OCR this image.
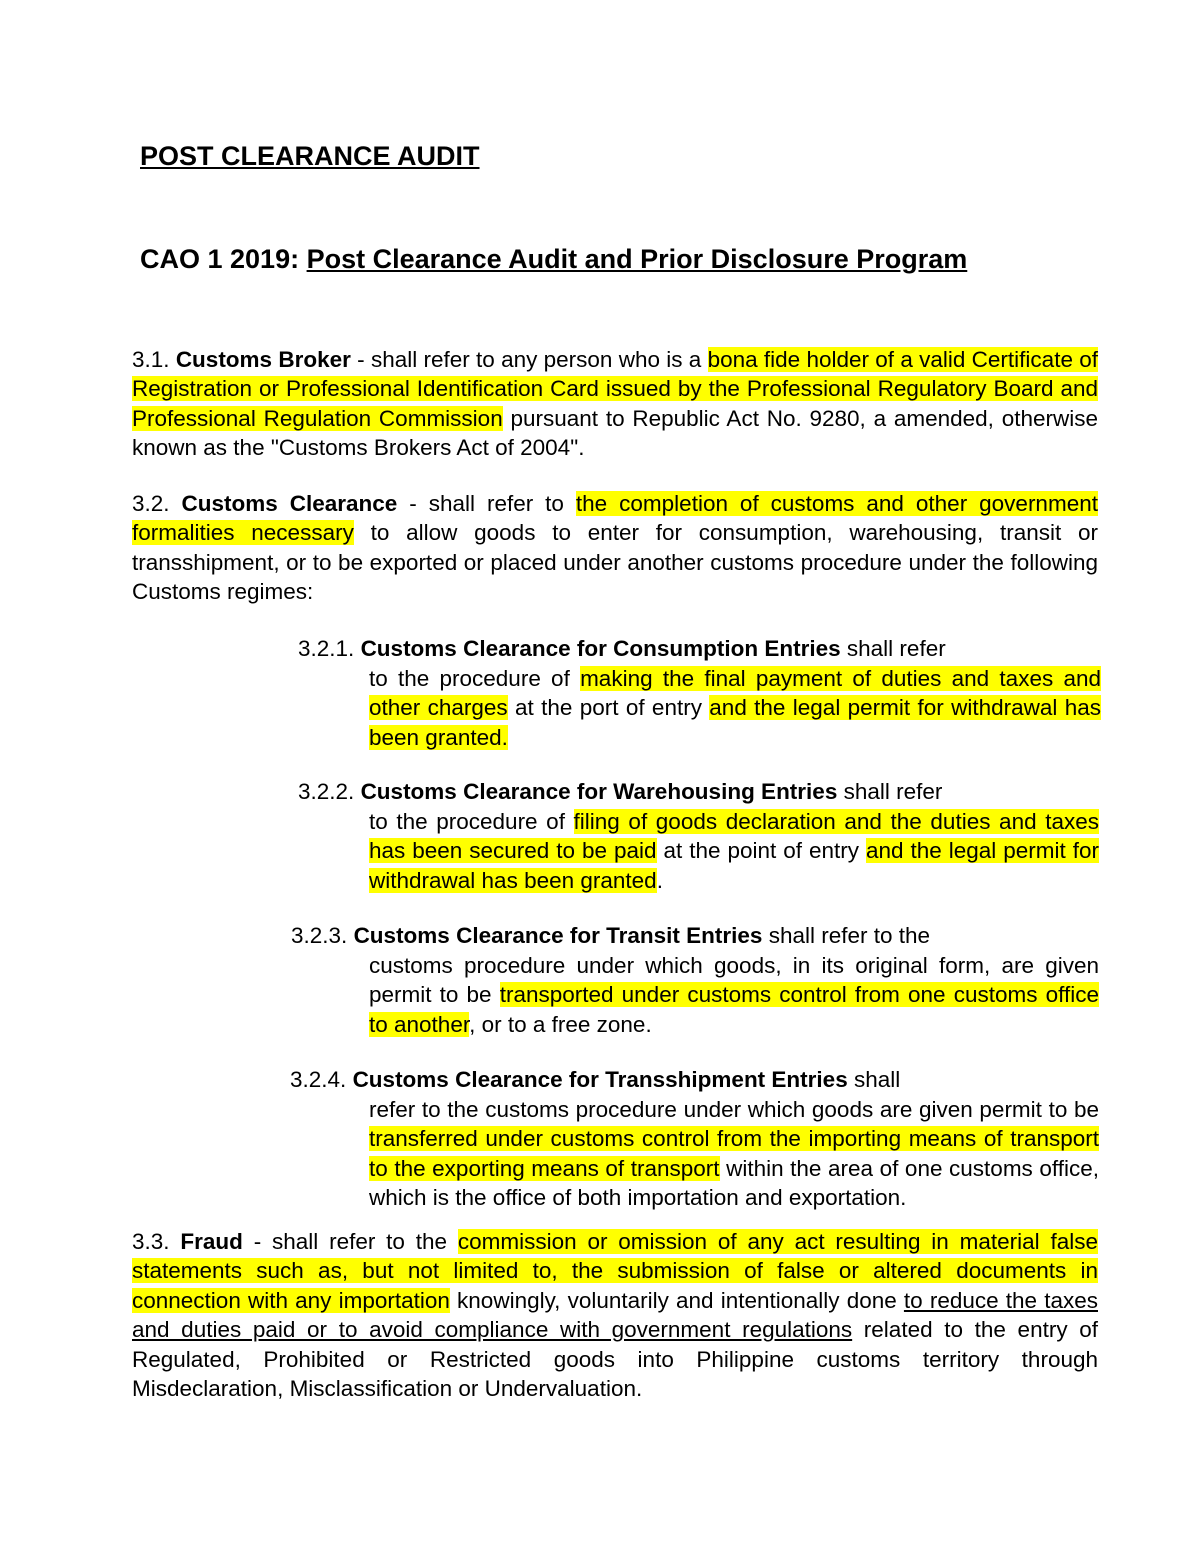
POST CLEARANCE AUDIT
CAO 1 2019: Post Clearance Audit and Prior Disclosure Program

3.1. Customs Broker - shall refer to any person who is a bona fide holder of a valid Certificate of Registration or Professional Identification Card issued by the Professional Regulatory Board and Professional Regulation Commission pursuant to Republic Act No. 9280, a amended, otherwise known as the "Customs Brokers Act of 2004".

3.2. Customs Clearance - shall refer to the completion of customs and other government formalities necessary to allow goods to enter for consumption, warehousing, transit or transshipment, or to be exported or placed under another customs procedure under the following Customs regimes:

3.2.1. Customs Clearance for Consumption Entries shall refer

to the procedure of making the final payment of duties and taxes and other charges at the port of entry and the legal permit for withdrawal has been granted.

3.2.2. Customs Clearance for Warehousing Entries shall refer

to the procedure of filing of goods declaration and the duties and taxes has been secured to be paid at the point of entry and the legal permit for withdrawal has been granted.

3.2.3. Customs Clearance for Transit Entries shall refer to the

customs procedure under which goods, in its original form, are given permit to be transported under customs control from one customs office to another, or to a free zone.

3.2.4. Customs Clearance for Transshipment Entries shall

refer to the customs procedure under which goods are given permit to be transferred under customs control from the importing means of transport to the exporting means of transport within the area of one customs office, which is the office of both importation and exportation.

3.3. Fraud - shall refer to the commission or omission of any act resulting in material false statements such as, but not limited to, the submission of false or altered documents in connection with any importation knowingly, voluntarily and intentionally done to reduce the taxes and duties paid or to avoid compliance with government regulations related to the entry of Regulated, Prohibited or Restricted goods into Philippine customs territory through Misdeclaration, Misclassification or Undervaluation.
